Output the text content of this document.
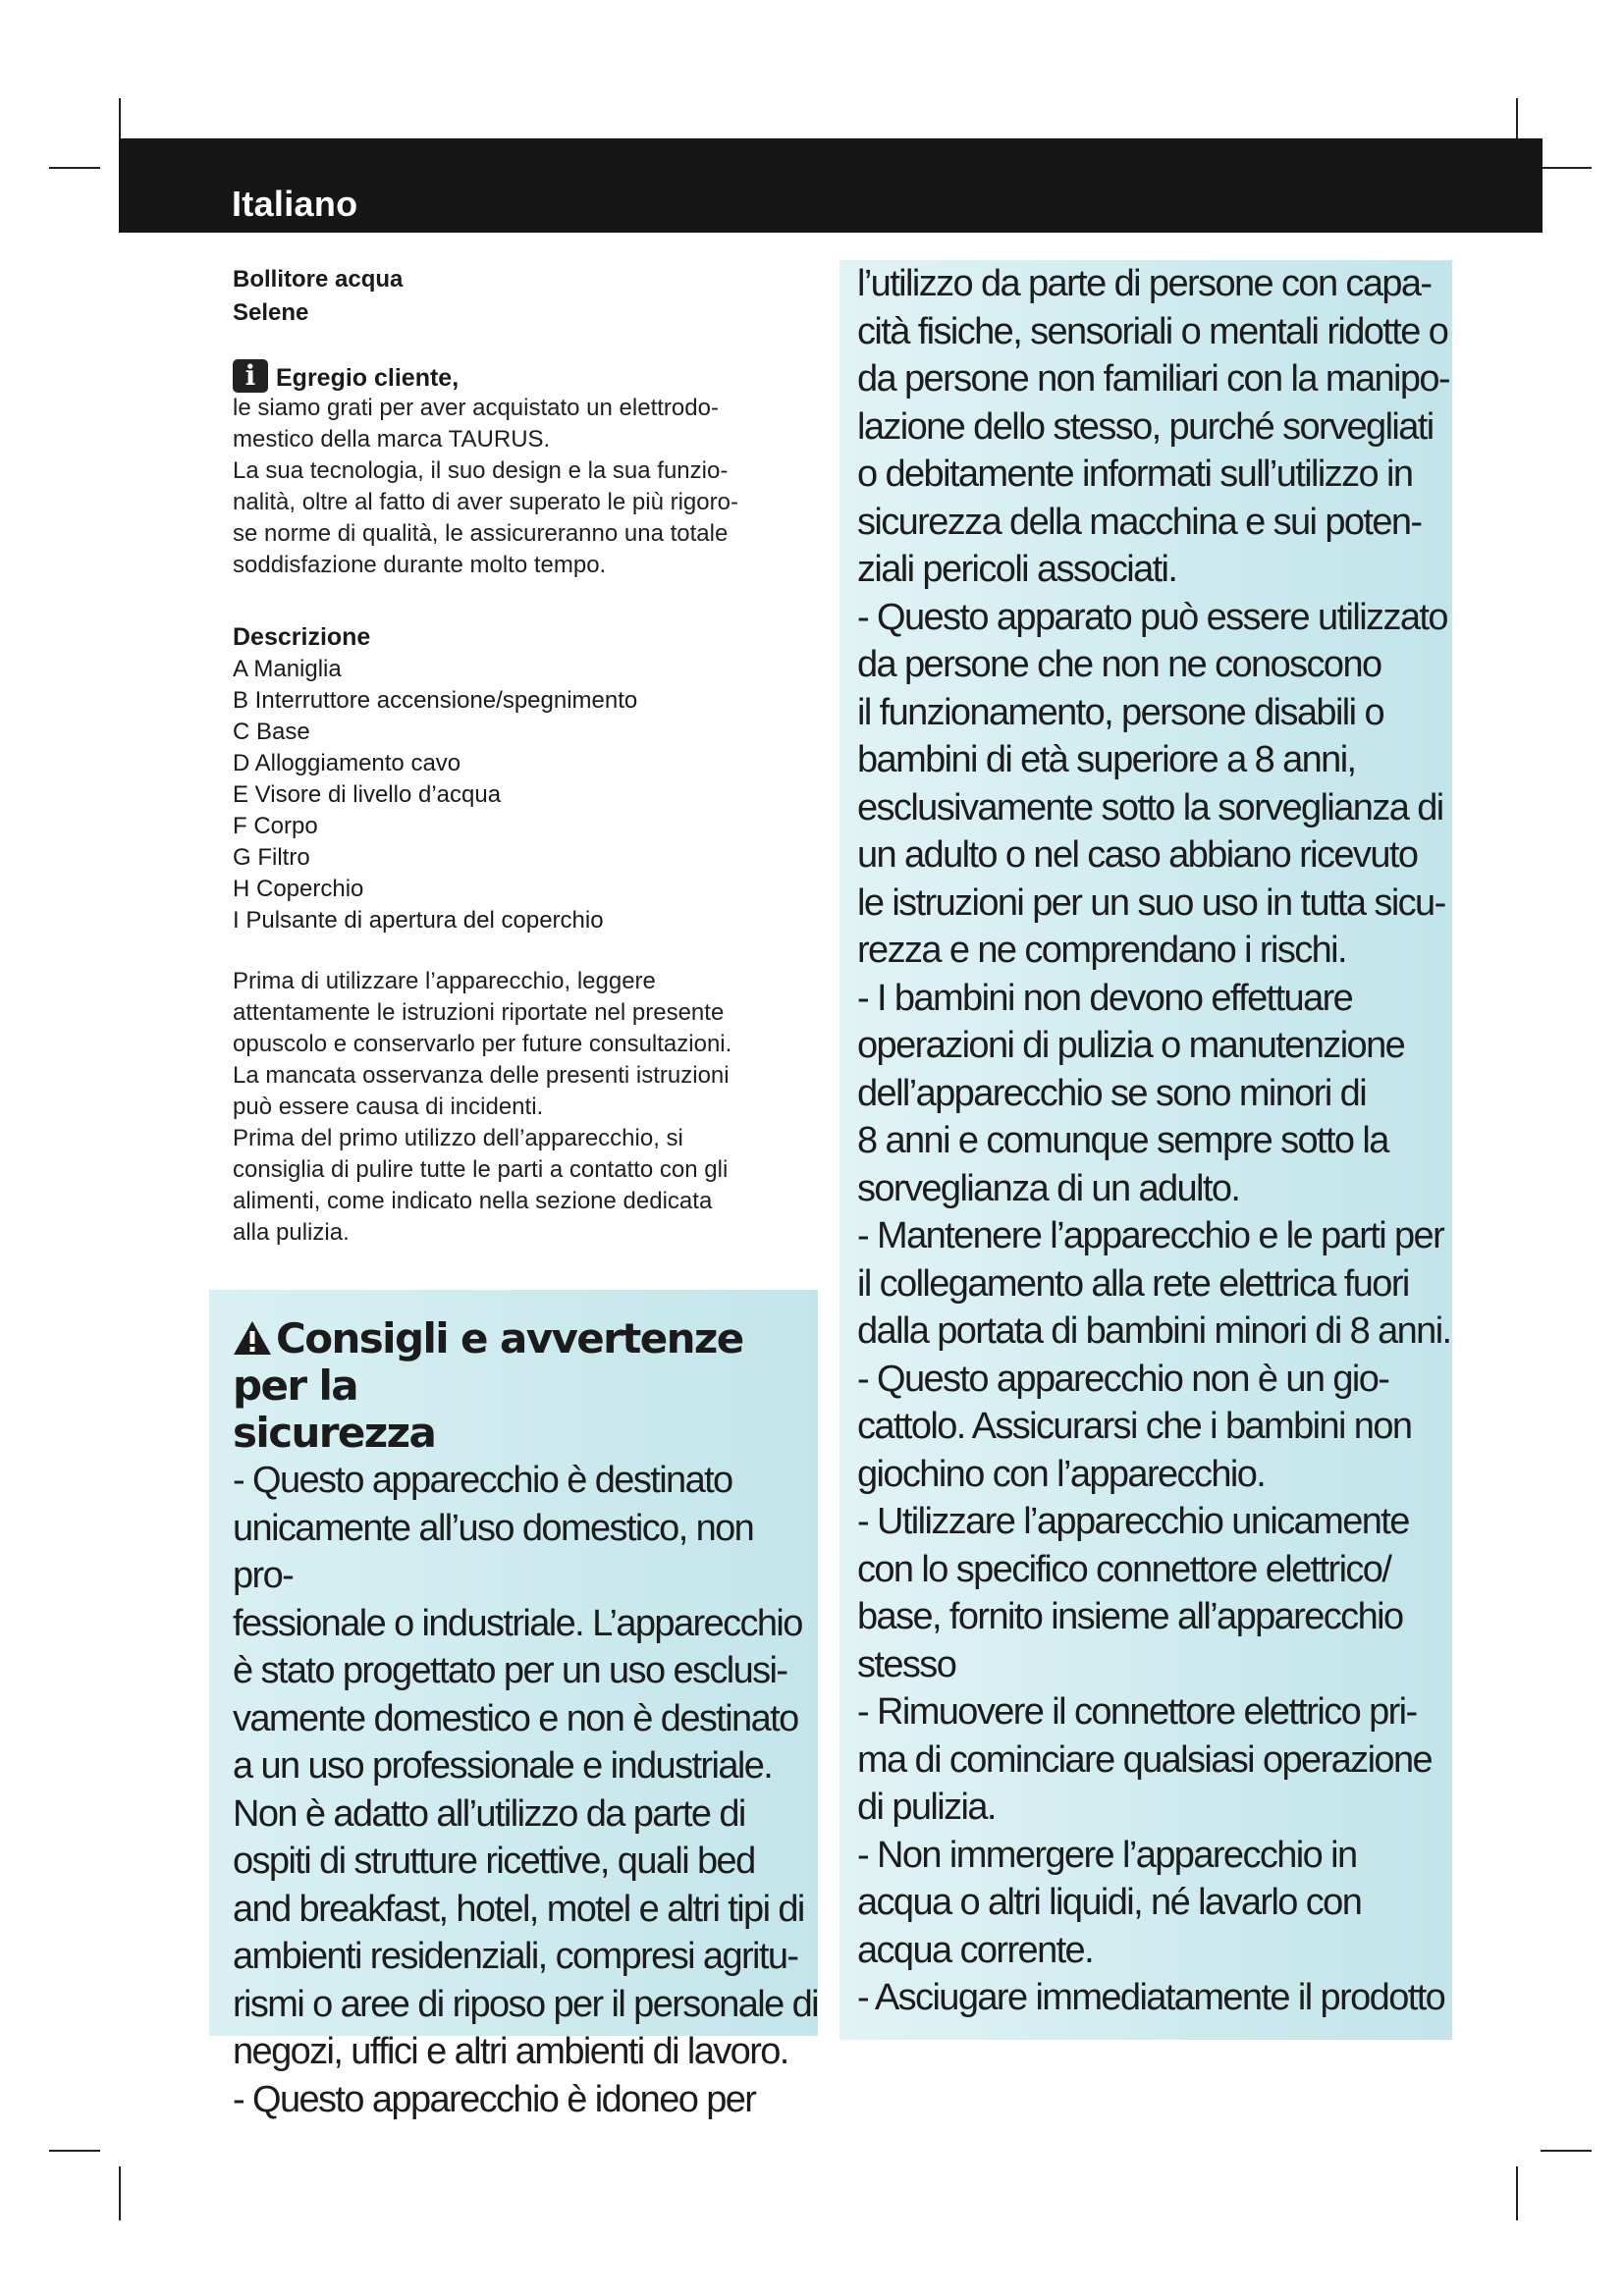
Italiano
Bollitore acqua
Selene
i Egregio cliente,

le siamo grati per aver acquistato un elettrodo-

mestico della marca TAURUS.

La sua tecnologia, il suo design e la sua funzio-

nalità, oltre al fatto di aver superato le più rigoro-

se norme di qualità, le assicureranno una totale

soddisfazione durante molto tempo.

Descrizione
A Maniglia
B Interruttore accensione/spegnimento
C Base
D Alloggiamento cavo
E Visore di livello d’acqua
F Corpo
G Filtro
H Coperchio
I Pulsante di apertura del coperchio

Prima di utilizzare l’apparecchio, leggere

attentamente le istruzioni riportate nel presente

opuscolo e conservarlo per future consultazioni.

La mancata osservanza delle presenti istruzioni

può essere causa di incidenti.

Prima del primo utilizzo dell’apparecchio, si

consiglia di pulire tutte le parti a contatto con gli

alimenti, come indicato nella sezione dedicata

alla pulizia.

Consigli e avvertenze per la
sicurezza
- Questo apparecchio è destinato
unicamente all’uso domestico, non pro-
fessionale o industriale. L’apparecchio
è stato progettato per un uso esclusi-
vamente domestico e non è destinato
a un uso professionale e industriale.
Non è adatto all’utilizzo da parte di
ospiti di strutture ricettive, quali bed
and breakfast, hotel, motel e altri tipi di
ambienti residenziali, compresi agritu-
rismi o aree di riposo per il personale di
negozi, uffici e altri ambienti di lavoro.
- Questo apparecchio è idoneo per
l’utilizzo da parte di persone con capa-
cità fisiche, sensoriali o mentali ridotte o
da persone non familiari con la manipo-
lazione dello stesso, purché sorvegliati
o debitamente informati sull’utilizzo in
sicurezza della macchina e sui poten-
ziali pericoli associati.
- Questo apparato può essere utilizzato
da persone che non ne conoscono
il funzionamento, persone disabili o
bambini di età superiore a 8 anni,
esclusivamente sotto la sorveglianza di
un adulto o nel caso abbiano ricevuto
le istruzioni per un suo uso in tutta sicu-
rezza e ne comprendano i rischi.
- I bambini non devono effettuare
operazioni di pulizia o manutenzione
dell’apparecchio se sono minori di
8 anni e comunque sempre sotto la
sorveglianza di un adulto.
- Mantenere l’apparecchio e le parti per
il collegamento alla rete elettrica fuori
dalla portata di bambini minori di 8 anni.
- Questo apparecchio non è un gio-
cattolo. Assicurarsi che i bambini non
giochino con l’apparecchio.
- Utilizzare l’apparecchio unicamente
con lo specifico connettore elettrico/
base, fornito insieme all’apparecchio
stesso
- Rimuovere il connettore elettrico pri-
ma di cominciare qualsiasi operazione
di pulizia.
- Non immergere l’apparecchio in
acqua o altri liquidi, né lavarlo con
acqua corrente.
- Asciugare immediatamente il prodotto
